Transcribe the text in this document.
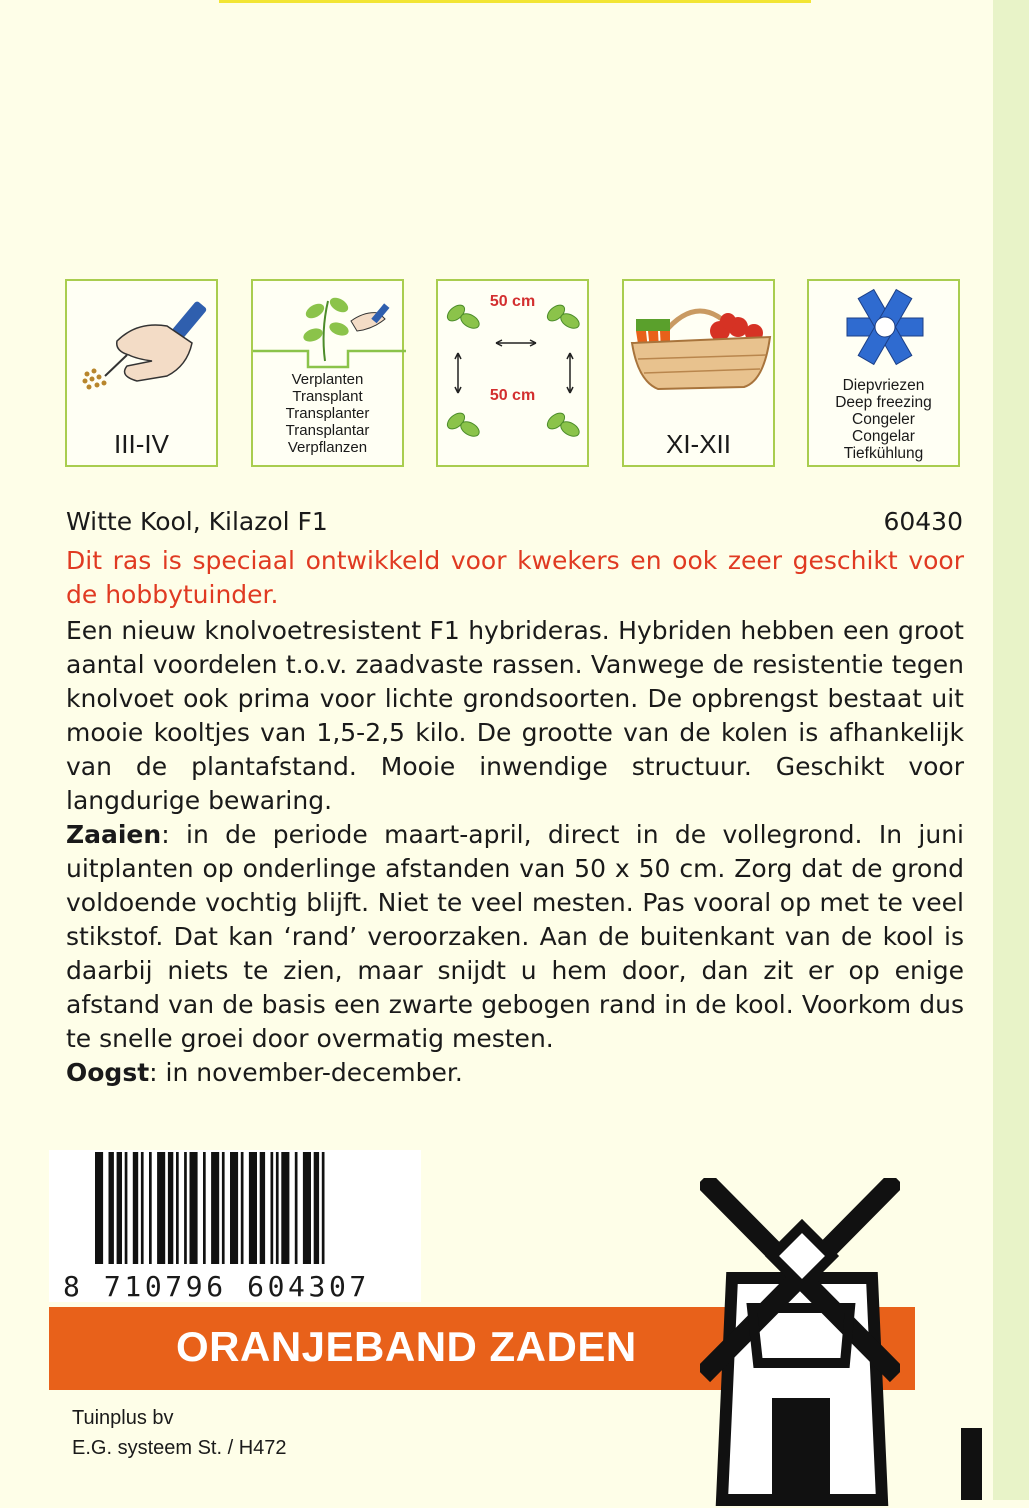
III-IV
Verplanten
Transplant
Transplanter
Transplantar
Verpflanzen
50 cm
50 cm
XI-XII
Diepvriezen
Deep freezing
Congeler
Congelar
Tiefkühlung
Witte Kool, Kilazol F1	60430
Dit ras is speciaal ontwikkeld voor kwekers en ook zeer geschikt voor de hobbytuinder.

Een nieuw knolvoetresistent F1 hybrideras. Hybriden hebben een groot aantal voordelen t.o.v. zaadvaste rassen. Vanwege de resistentie tegen knolvoet ook prima voor lichte grondsoorten. De opbrengst bestaat uit mooie kooltjes van 1,5-2,5 kilo. De grootte van de kolen is afhankelijk van de plantafstand. Mooie inwendige structuur. Geschikt voor langdurige bewaring.

Zaaien: in de periode maart-april, direct in de vollegrond. In juni uitplanten op onderlinge afstanden van 50 x 50 cm. Zorg dat de grond voldoende vochtig blijft. Niet te veel mesten. Pas vooral op met te veel stikstof. Dat kan ‘rand’ veroorzaken. Aan de buitenkant van de kool is daarbij niets te zien, maar snijdt u hem door, dan zit er op enige afstand van de basis een zwarte gebogen rand in de kool. Voorkom dus te snelle groei door overmatig mesten.

Oogst: in november-december.

8 710796 604307
ORANJEBAND ZADEN
Tuinplus bv
E.G. systeem St. / H472
